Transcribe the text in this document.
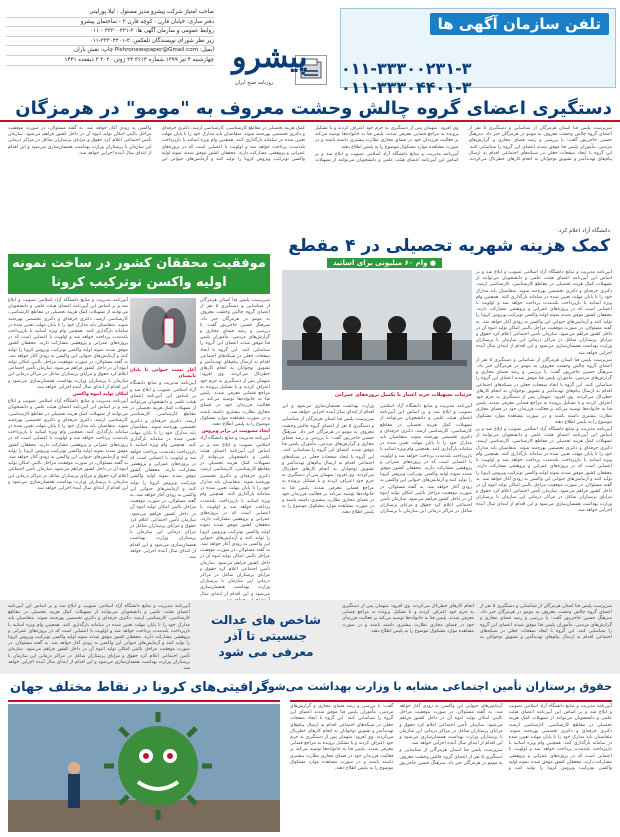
تلفن سازمان آگهی ها
۰۱۱-۳۳۳۰۰۲۳۱-۳ ۰۱۱-۳۳۳۰۴۴۰۱-۳
پیشرو
روزنامه صبح ایران
صاحب امتیاز شرکت پیشرو مدیر مسئول : لیلا پورلیتی
دفتر ساری: خیابان قارن - کوچه قارن ۳ - ساختمان پیشرو
روابط عمومی و سازمان آگهی ها: ۲-۳۳۳۰۰۲۳۱ - ۰۱۱
زیر نظر شورای نویسندگان تلفکس: ۳-۳۳۳۰۴۴۰۱-۰۱۱
ایمیل: Pishronewspaper@Gmail.com چاپ: نقش باران
چهارشنبه ۴ تیر ۱۳۹۹ شماره ۳۶۱۴ ۲۴ ژوئن ۲۰۲۰ ۳ ذیقعده ۱۴۴۱
دستگیری اعضای گروه چالش وحشت معروف به "مومو" در هرمزگان

سرپرست پلیس فتا استان هرمزگان از شناسایی و دستگیری ۵ نفر از اعضای گروه چالش وحشت معروف به مومو در هرمزگان خبر داد. سرهنگ حسین حاجی‌پور گفت: با بررسی و رصد فضای مجازی و گزارش‌های مردمی، مأموران پلیس فتا موفق شدند اعضای این گروه را شناسایی کنند. این گروه با ایجاد صفحات جعلی در شبکه‌های اجتماعی اقدام به ارسال پیام‌های تهدیدآمیز و تشویق نوجوانان به انجام کارهای خطرناک می‌کردند. وی افزود: متهمان پس از دستگیری به جرم خود اعتراف کردند و با تشکیل پرونده به مراجع قضایی معرفی شدند. پلیس فتا به خانواده‌ها توصیه می‌کند بر فعالیت فرزندان خود در فضای مجازی نظارت بیشتری داشته باشند و در صورت مشاهده موارد مشکوک موضوع را به پلیس اطلاع دهند.

آیین‌نامه مدیریت و منابع دانشگاه آزاد اسلامی تصویب و ابلاغ شد و بر اساس این آیین‌نامه اعضای هیئت علمی و دانشجویان می‌توانند از تسهیلات کمک هزینه تحصیلی در مقاطع کارشناسی، کارشناسی ارشد، دکتری حرفه‌ای و دکتری تخصصی بهره‌مند شوند. متقاضیان باید مدارک خود را تا پایان مهلت تعیین شده در سامانه بارگذاری کنند. همچنین وام ویژه اساتید با بازپرداخت بلندمدت پرداخت خواهد شد و اولویت با اعضایی است که در پروژه‌های عمرانی و پژوهشی مشارکت دارند. محققان کشور موفق شدند نمونه اولیه واکسن نوترکیب ویروس کرونا را تولید کنند و آزمایش‌های حیوانی این واکسن به زودی آغاز خواهد شد. به گفته مسئولان، در صورت موفقیت مراحل بالینی امکان تولید انبوه آن در داخل کشور فراهم می‌شود. سازمان تأمین اجتماعی اعلام کرد حقوق و مزایای پرستاران شاغل در مراکز درمانی این سازمان با پرستاران وزارت بهداشت همسان‌سازی می‌شود و این اقدام از ابتدای سال آینده اجرایی خواهد شد.

موفقیت محققان کشور در ساخت نمونه اولیه واکسن نوترکیب کرونا

آیین‌نامه مدیریت و منابع دانشگاه آزاد اسلامی تصویب و ابلاغ شد و بر اساس این آیین‌نامه اعضای هیئت علمی و دانشجویان می‌توانند از تسهیلات کمک هزینه تحصیلی در مقاطع کارشناسی، کارشناسی ارشد، دکتری حرفه‌ای و دکتری تخصصی بهره‌مند شوند. متقاضیان باید مدارک خود را تا پایان مهلت تعیین شده در سامانه بارگذاری کنند. همچنین وام ویژه اساتید با بازپرداخت بلندمدت پرداخت خواهد شد و اولویت با اعضایی است که در پروژه‌های عمرانی و پژوهشی مشارکت دارند. محققان کشور موفق شدند نمونه اولیه واکسن نوترکیب ویروس کرونا را تولید کنند و آزمایش‌های حیوانی این واکسن به زودی آغاز خواهد شد. به گفته مسئولان، در صورت موفقیت مراحل بالینی امکان تولید انبوه آن در داخل کشور فراهم می‌شود. سازمان تأمین اجتماعی اعلام کرد حقوق و مزایای پرستاران شاغل در مراکز درمانی این سازمان با پرستاران وزارت بهداشت همسان‌سازی می‌شود و این اقدام از ابتدای سال آینده اجرایی خواهد شد.

امکان تولید انبوه واکسن

آیین‌نامه مدیریت و منابع دانشگاه آزاد اسلامی تصویب و ابلاغ شد و بر اساس این آیین‌نامه اعضای هیئت علمی و دانشجویان می‌توانند از تسهیلات کمک هزینه تحصیلی در مقاطع کارشناسی، کارشناسی ارشد، دکتری حرفه‌ای و دکتری تخصصی بهره‌مند شوند. متقاضیان باید مدارک خود را تا پایان مهلت تعیین شده در سامانه بارگذاری کنند. همچنین وام ویژه اساتید با بازپرداخت بلندمدت پرداخت خواهد شد و اولویت با اعضایی است که در پروژه‌های عمرانی و پژوهشی مشارکت دارند. محققان کشور موفق شدند نمونه اولیه واکسن نوترکیب ویروس کرونا را تولید کنند و آزمایش‌های حیوانی این واکسن به زودی آغاز خواهد شد. به گفته مسئولان، در صورت موفقیت مراحل بالینی امکان تولید انبوه آن در داخل کشور فراهم می‌شود. سازمان تأمین اجتماعی اعلام کرد حقوق و مزایای پرستاران شاغل در مراکز درمانی این سازمان با پرستاران وزارت بهداشت همسان‌سازی می‌شود و این اقدام از ابتدای سال آینده اجرایی خواهد شد.

آغاز تست حیوانی تا پایان تابستان

آیین‌نامه مدیریت و منابع دانشگاه آزاد اسلامی تصویب و ابلاغ شد و بر اساس این آیین‌نامه اعضای هیئت علمی و دانشجویان می‌توانند از تسهیلات کمک هزینه تحصیلی در مقاطع کارشناسی، کارشناسی ارشد، دکتری حرفه‌ای و دکتری تخصصی بهره‌مند شوند. متقاضیان باید مدارک خود را تا پایان مهلت تعیین شده در سامانه بارگذاری کنند. همچنین وام ویژه اساتید با بازپرداخت بلندمدت پرداخت خواهد شد و اولویت با اعضایی است که در پروژه‌های عمرانی و پژوهشی مشارکت دارند. محققان کشور موفق شدند نمونه اولیه واکسن نوترکیب ویروس کرونا را تولید کنند و آزمایش‌های حیوانی این واکسن به زودی آغاز خواهد شد. به گفته مسئولان، در صورت موفقیت مراحل بالینی امکان تولید انبوه آن در داخل کشور فراهم می‌شود. سازمان تأمین اجتماعی اعلام کرد حقوق و مزایای پرستاران شاغل در مراکز درمانی این سازمان با پرستاران وزارت بهداشت همسان‌سازی می‌شود و این اقدام از ابتدای سال آینده اجرایی خواهد شد.

سرپرست پلیس فتا استان هرمزگان از شناسایی و دستگیری ۵ نفر از اعضای گروه چالش وحشت معروف به مومو در هرمزگان خبر داد. سرهنگ حسین حاجی‌پور گفت: با بررسی و رصد فضای مجازی و گزارش‌های مردمی، مأموران پلیس فتا موفق شدند اعضای این گروه را شناسایی کنند. این گروه با ایجاد صفحات جعلی در شبکه‌های اجتماعی اقدام به ارسال پیام‌های تهدیدآمیز و تشویق نوجوانان به انجام کارهای خطرناک می‌کردند. وی افزود: متهمان پس از دستگیری به جرم خود اعتراف کردند و با تشکیل پرونده به مراجع قضایی معرفی شدند. پلیس فتا به خانواده‌ها توصیه می‌کند بر فعالیت فرزندان خود در فضای مجازی نظارت بیشتری داشته باشند و در صورت مشاهده موارد مشکوک موضوع را به پلیس اطلاع دهند.

ایجاد مصونیت در برابر ویروس

آیین‌نامه مدیریت و منابع دانشگاه آزاد اسلامی تصویب و ابلاغ شد و بر اساس این آیین‌نامه اعضای هیئت علمی و دانشجویان می‌توانند از تسهیلات کمک هزینه تحصیلی در مقاطع کارشناسی، کارشناسی ارشد، دکتری حرفه‌ای و دکتری تخصصی بهره‌مند شوند. متقاضیان باید مدارک خود را تا پایان مهلت تعیین شده در سامانه بارگذاری کنند. همچنین وام ویژه اساتید با بازپرداخت بلندمدت پرداخت خواهد شد و اولویت با اعضایی است که در پروژه‌های عمرانی و پژوهشی مشارکت دارند. محققان کشور موفق شدند نمونه اولیه واکسن نوترکیب ویروس کرونا را تولید کنند و آزمایش‌های حیوانی این واکسن به زودی آغاز خواهد شد. به گفته مسئولان، در صورت موفقیت مراحل بالینی امکان تولید انبوه آن در داخل کشور فراهم می‌شود. سازمان تأمین اجتماعی اعلام کرد حقوق و مزایای پرستاران شاغل در مراکز درمانی این سازمان با پرستاران وزارت بهداشت همسان‌سازی می‌شود و این اقدام از ابتدای سال

دانشگاه آزاد اعلام کرد:
کمک هزینه شهریه تحصیلی در ۴ مقطع
● وام ۶۰ میلیونی برای اساتید
جزئیات تسهیلات خرید اعتبار با تکمیل بروژه‌های عمرانی

آیین‌نامه مدیریت و منابع دانشگاه آزاد اسلامی تصویب و ابلاغ شد و بر اساس این آیین‌نامه اعضای هیئت علمی و دانشجویان می‌توانند از تسهیلات کمک هزینه تحصیلی در مقاطع کارشناسی، کارشناسی ارشد، دکتری حرفه‌ای و دکتری تخصصی بهره‌مند شوند. متقاضیان باید مدارک خود را تا پایان مهلت تعیین شده در سامانه بارگذاری کنند. همچنین وام ویژه اساتید با بازپرداخت بلندمدت پرداخت خواهد شد و اولویت با اعضایی است که در پروژه‌های عمرانی و پژوهشی مشارکت دارند. محققان کشور موفق شدند نمونه اولیه واکسن نوترکیب ویروس کرونا را تولید کنند و آزمایش‌های حیوانی این واکسن به زودی آغاز خواهد شد. به گفته مسئولان، در صورت موفقیت مراحل بالینی امکان تولید انبوه آن در داخل کشور فراهم می‌شود. سازمان تأمین اجتماعی اعلام کرد حقوق و مزایای پرستاران شاغل در مراکز درمانی این سازمان با پرستاران وزارت بهداشت همسان‌سازی می‌شود و این اقدام از ابتدای سال آینده اجرایی خواهد شد.

سرپرست پلیس فتا استان هرمزگان از شناسایی و دستگیری ۵ نفر از اعضای گروه چالش وحشت معروف به مومو در هرمزگان خبر داد. سرهنگ حسین حاجی‌پور گفت: با بررسی و رصد فضای مجازی و گزارش‌های مردمی، مأموران پلیس فتا موفق شدند اعضای این گروه را شناسایی کنند. این گروه با ایجاد صفحات جعلی در شبکه‌های اجتماعی اقدام به ارسال پیام‌های تهدیدآمیز و تشویق نوجوانان به انجام کارهای خطرناک می‌کردند. وی افزود: متهمان پس از دستگیری به جرم خود اعتراف کردند و با تشکیل پرونده به مراجع قضایی معرفی شدند. پلیس فتا به خانواده‌ها توصیه می‌کند بر فعالیت فرزندان خود در فضای مجازی نظارت بیشتری داشته باشند و در صورت مشاهده موارد مشکوک موضوع را به پلیس اطلاع دهند.

آیین‌نامه مدیریت و منابع دانشگاه آزاد اسلامی تصویب و ابلاغ شد و بر اساس این آیین‌نامه اعضای هیئت علمی و دانشجویان می‌توانند از تسهیلات کمک هزینه تحصیلی در مقاطع کارشناسی، کارشناسی ارشد، دکتری حرفه‌ای و دکتری تخصصی بهره‌مند شوند. متقاضیان باید مدارک خود را تا پایان مهلت تعیین شده در سامانه بارگذاری کنند. همچنین وام ویژه اساتید با بازپرداخت بلندمدت پرداخت خواهد شد و اولویت با اعضایی است که در پروژه‌های عمرانی و پژوهشی مشارکت دارند. محققان کشور موفق شدند نمونه اولیه واکسن نوترکیب ویروس کرونا را تولید کنند و آزمایش‌های حیوانی این واکسن به زودی آغاز خواهد شد. به گفته مسئولان، در صورت موفقیت مراحل بالینی امکان تولید انبوه آن در داخل کشور فراهم می‌شود. سازمان تأمین اجتماعی اعلام کرد حقوق و مزایای پرستاران شاغل در مراکز درمانی این سازمان با پرستاران وزارت بهداشت همسان‌سازی می‌شود و این اقدام از ابتدای سال آینده اجرایی خواهد شد.

سرپرست پلیس فتا استان هرمزگان از شناسایی و دستگیری ۵ نفر از اعضای گروه چالش وحشت معروف به مومو در هرمزگان خبر داد. سرهنگ حسین حاجی‌پور گفت: با بررسی و رصد فضای مجازی و گزارش‌های مردمی، مأموران پلیس فتا موفق شدند اعضای این گروه را شناسایی کنند. این گروه با ایجاد صفحات جعلی در شبکه‌های اجتماعی اقدام به ارسال پیام‌های تهدیدآمیز و تشویق نوجوانان به انجام کارهای خطرناک می‌کردند. وی افزود: متهمان پس از دستگیری به جرم خود اعتراف کردند و با تشکیل پرونده به مراجع قضایی معرفی شدند. پلیس فتا به خانواده‌ها توصیه می‌کند بر فعالیت فرزندان خود در فضای مجازی نظارت بیشتری داشته باشند و در صورت مشاهده موارد مشکوک موضوع را به پلیس اطلاع دهند.

آیین‌نامه مدیریت و منابع دانشگاه آزاد اسلامی تصویب و ابلاغ شد و بر اساس این آیین‌نامه اعضای هیئت علمی و دانشجویان می‌توانند از تسهیلات کمک هزینه تحصیلی در مقاطع کارشناسی، کارشناسی ارشد، دکتری حرفه‌ای و دکتری تخصصی بهره‌مند شوند. متقاضیان باید مدارک خود را تا پایان مهلت تعیین شده در سامانه بارگذاری کنند. همچنین وام ویژه اساتید با بازپرداخت بلندمدت پرداخت خواهد شد و اولویت با اعضایی است که در پروژه‌های عمرانی و پژوهشی مشارکت دارند. محققان کشور موفق شدند نمونه اولیه واکسن نوترکیب ویروس کرونا را تولید کنند و آزمایش‌های حیوانی این واکسن به زودی آغاز خواهد شد. به گفته مسئولان، در صورت موفقیت مراحل بالینی امکان تولید انبوه آن در داخل کشور فراهم می‌شود. سازمان تأمین اجتماعی اعلام کرد حقوق و مزایای پرستاران شاغل در مراکز درمانی این سازمان با پرستاران وزارت بهداشت همسان‌سازی می‌شود و این اقدام از ابتدای سال آینده اجرایی خواهد شد.

آیین‌نامه مدیریت و منابع دانشگاه آزاد اسلامی تصویب و ابلاغ شد و بر اساس این آیین‌نامه اعضای هیئت علمی و دانشجویان می‌توانند از تسهیلات کمک هزینه تحصیلی در مقاطع کارشناسی، کارشناسی ارشد، دکتری حرفه‌ای و دکتری تخصصی بهره‌مند شوند. متقاضیان باید مدارک خود را تا پایان مهلت تعیین شده در سامانه بارگذاری کنند. همچنین وام ویژه اساتید با بازپرداخت بلندمدت پرداخت خواهد شد و اولویت با اعضایی است که در پروژه‌های عمرانی و پژوهشی مشارکت دارند. محققان کشور موفق شدند نمونه اولیه واکسن نوترکیب ویروس کرونا را تولید کنند و آزمایش‌های حیوانی این واکسن به زودی آغاز خواهد شد. به گفته مسئولان، در صورت موفقیت مراحل بالینی امکان تولید انبوه آن در داخل کشور فراهم می‌شود. سازمان تأمین اجتماعی اعلام کرد حقوق و مزایای پرستاران شاغل در مراکز درمانی این سازمان با پرستاران وزارت بهداشت همسان‌سازی می‌شود و این اقدام از ابتدای سال آینده اجرایی خواهد شد.

شاخص های عدالت جنسیتی تا آذر
معرفی می شود

سرپرست پلیس فتا استان هرمزگان از شناسایی و دستگیری ۵ نفر از اعضای گروه چالش وحشت معروف به مومو در هرمزگان خبر داد. سرهنگ حسین حاجی‌پور گفت: با بررسی و رصد فضای مجازی و گزارش‌های مردمی، مأموران پلیس فتا موفق شدند اعضای این گروه را شناسایی کنند. این گروه با ایجاد صفحات جعلی در شبکه‌های اجتماعی اقدام به ارسال پیام‌های تهدیدآمیز و تشویق نوجوانان به انجام کارهای خطرناک می‌کردند. وی افزود: متهمان پس از دستگیری به جرم خود اعتراف کردند و با تشکیل پرونده به مراجع قضایی معرفی شدند. پلیس فتا به خانواده‌ها توصیه می‌کند بر فعالیت فرزندان خود در فضای مجازی نظارت بیشتری داشته باشند و در صورت مشاهده موارد مشکوک موضوع را به پلیس اطلاع دهند.

گرافیتی‌های کرونا در نقاط مختلف جهان
حقوق پرستاران تأمین اجتماعی مشابه با وزارت بهداشت می‌شود

آیین‌نامه مدیریت و منابع دانشگاه آزاد اسلامی تصویب و ابلاغ شد و بر اساس این آیین‌نامه اعضای هیئت علمی و دانشجویان می‌توانند از تسهیلات کمک هزینه تحصیلی در مقاطع کارشناسی، کارشناسی ارشد، دکتری حرفه‌ای و دکتری تخصصی بهره‌مند شوند. متقاضیان باید مدارک خود را تا پایان مهلت تعیین شده در سامانه بارگذاری کنند. همچنین وام ویژه اساتید با بازپرداخت بلندمدت پرداخت خواهد شد و اولویت با اعضایی است که در پروژه‌های عمرانی و پژوهشی مشارکت دارند. محققان کشور موفق شدند نمونه اولیه واکسن نوترکیب ویروس کرونا را تولید کنند و آزمایش‌های حیوانی این واکسن به زودی آغاز خواهد شد. به گفته مسئولان، در صورت موفقیت مراحل بالینی امکان تولید انبوه آن در داخل کشور فراهم می‌شود. سازمان تأمین اجتماعی اعلام کرد حقوق و مزایای پرستاران شاغل در مراکز درمانی این سازمان با پرستاران وزارت بهداشت همسان‌سازی می‌شود و این اقدام از ابتدای سال آینده اجرایی خواهد شد.

سرپرست پلیس فتا استان هرمزگان از شناسایی و دستگیری ۵ نفر از اعضای گروه چالش وحشت معروف به مومو در هرمزگان خبر داد. سرهنگ حسین حاجی‌پور گفت: با بررسی و رصد فضای مجازی و گزارش‌های مردمی، مأموران پلیس فتا موفق شدند اعضای این گروه را شناسایی کنند. این گروه با ایجاد صفحات جعلی در شبکه‌های اجتماعی اقدام به ارسال پیام‌های تهدیدآمیز و تشویق نوجوانان به انجام کارهای خطرناک می‌کردند. وی افزود: متهمان پس از دستگیری به جرم خود اعتراف کردند و با تشکیل پرونده به مراجع قضایی معرفی شدند. پلیس فتا به خانواده‌ها توصیه می‌کند بر فعالیت فرزندان خود در فضای مجازی نظارت بیشتری داشته باشند و در صورت مشاهده موارد مشکوک موضوع را به پلیس اطلاع دهند.
